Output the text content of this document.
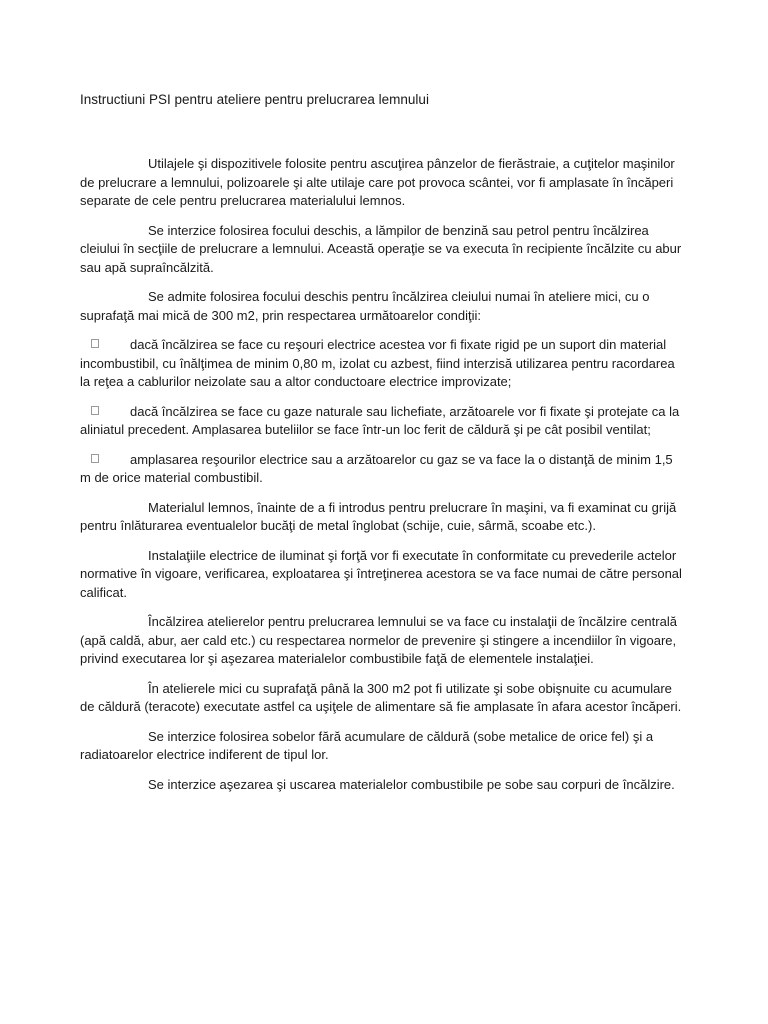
Instructiuni PSI pentru ateliere pentru prelucrarea lemnului

Utilajele şi dispozitivele folosite pentru ascuţirea pânzelor de fierăstraie, a cuţitelor maşinilor de prelucrare a lemnului, polizoarele şi alte utilaje care pot provoca scântei, vor fi amplasate în încăperi separate de cele pentru prelucrarea materialului lemnos.

Se interzice folosirea focului deschis, a lămpilor de benzină sau petrol pentru încălzirea cleiului în secţiile de prelucrare a lemnului. Această operaţie se va executa în recipiente încălzite cu abur sau apă supraîncălzită.

Se admite folosirea focului deschis pentru încălzirea cleiului numai în ateliere mici, cu o suprafaţă mai mică de 300 m2, prin respectarea următoarelor condiţii:

dacă încălzirea se face cu reşouri electrice acestea vor fi fixate rigid pe un suport din material incombustibil, cu înălţimea de minim 0,80 m, izolat cu azbest, fiind interzisă utilizarea pentru racordarea la reţea a cablurilor neizolate sau a altor conductoare electrice improvizate;

dacă încălzirea se face cu gaze naturale sau lichefiate, arzătoarele vor fi fixate şi protejate ca la aliniatul precedent. Amplasarea buteliilor se face într-un loc ferit de căldură şi pe cât posibil ventilat;

amplasarea reşourilor electrice sau a arzătoarelor cu gaz se va face la o distanţă de minim 1,5 m de orice material combustibil.

Materialul lemnos, înainte de a fi introdus pentru prelucrare în maşini, va fi examinat cu grijă pentru înlăturarea eventualelor bucăţi de metal înglobat (schije, cuie, sârmă, scoabe etc.).

Instalaţiile electrice de iluminat şi forţă vor fi executate în conformitate cu prevederile actelor normative în vigoare, verificarea, exploatarea şi întreţinerea acestora se va face numai de către personal calificat.

Încălzirea atelierelor pentru prelucrarea lemnului se va face cu instalaţii de încălzire centrală (apă caldă, abur, aer cald etc.) cu respectarea normelor de prevenire şi stingere a incendiilor în vigoare, privind executarea lor şi aşezarea materialelor combustibile faţă de elementele instalaţiei.

În atelierele mici cu suprafaţă până la 300 m2 pot fi utilizate şi sobe obişnuite cu acumulare de căldură (teracote) executate astfel ca uşiţele de alimentare să fie amplasate în afara acestor încăperi.

Se interzice folosirea sobelor fără acumulare de căldură (sobe metalice de orice fel) şi a radiatoarelor electrice indiferent de tipul lor.

Se interzice aşezarea şi uscarea materialelor combustibile pe sobe sau corpuri de încălzire.
